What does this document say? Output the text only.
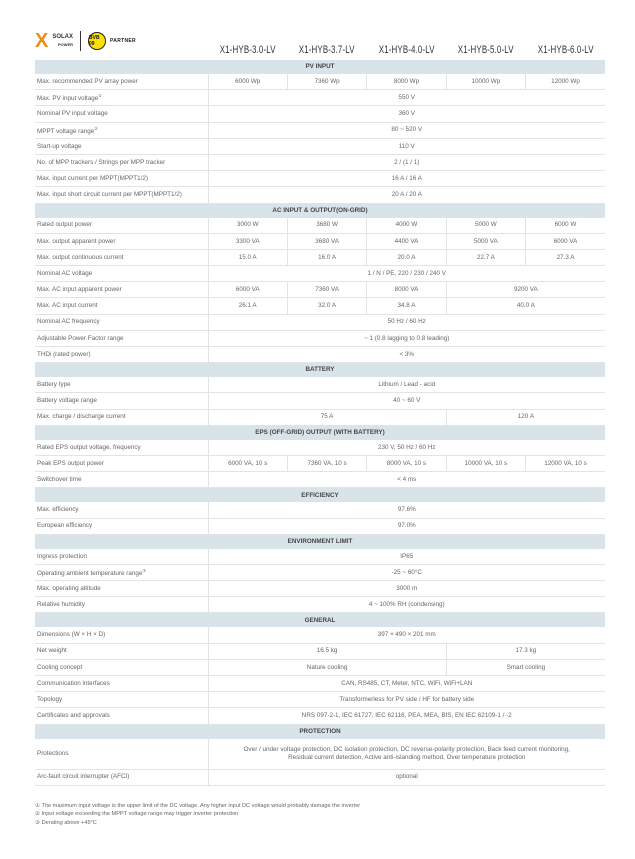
X SOLAX
POWER
BVB 09	PARTNER
X1-HYB-3.0-LV X1-HYB-3.7-LV X1-HYB-4.0-LV X1-HYB-5.0-LV X1-HYB-6.0-LV
PV INPUT					
Max. recommended PV array power	6000 Wp	7360 Wp	8000 Wp	10000 Wp	12000 Wp
Max. PV input voltage①	550 V				
Nominal PV input voltage	360 V				
MPPT voltage range②	80 ~ 520 V				
Start-up voltage	110 V				
No. of MPP trackers / Strings per MPP tracker	2 / (1 / 1)				
Max. input current per MPPT(MPPT1/2)	16 A / 16 A				
Max. input short circuit current per MPPT(MPPT1/2)	20 A / 20 A				
AC INPUT & OUTPUT(ON-GRID)					
Rated output power	3000 W	3680 W	4000 W	5000 W	6000 W
Max. output apparent power	3300 VA	3680 VA	4400 VA	5000 VA	6000 VA
Max. output continuous current	15.0 A	16.0 A	20.0 A	22.7 A	27.3 A
Nominal AC voltage	1 / N / PE, 220 / 230 / 240 V				
Max. AC input apparent power	6000 VA	7360 VA	8000 VA	9200 VA	
Max. AC input current	26.1 A	32.0 A	34.8 A	40.0 A	
Nominal AC frequency	50 Hz / 60 Hz				
Adjustable Power Factor range	~ 1 (0.8 lagging to 0.8 leading)				
THDi (rated power)	< 3%				
BATTERY					
Battery type	Lithium / Lead - acid				
Battery voltage range	40 ~ 60 V				
Max. charge / discharge current	75 A			120 A	
EPS (OFF-GRID) OUTPUT (WITH BATTERY)					
Rated EPS output voltage, frequency	230 V, 50 Hz / 60 Hz				
Peak EPS output power	6000 VA, 10 s	7360 VA, 10 s	8000 VA, 10 s	10000 VA, 10 s	12000 VA, 10 s
Switchover time	< 4 ms				
EFFICIENCY					
Max. efficiency	97.6%				
European efficiency	97.0%				
ENVIRONMENT LIMIT					
Ingress protection	IP65				
Operating ambient temperature range③	-25 ~ 60°C				
Max. operating altitude	3000 m				
Relative humidity	4 ~ 100% RH (condensing)				
GENERAL					
Dimensions (W × H × D)	397 × 490 × 201 mm				
Net weight	16.5 kg			17.3 kg	
Cooling concept	Nature cooling			Smart cooling	
Communication interfaces	CAN, RS485, CT, Meter, NTC, WiFi, WiFi+LAN				
Topology	Transformerless for PV side / HF for battery side				
Certificates and approvals	NRS 097-2-1, IEC 61727, IEC 62116, PEA, MEA, BIS, EN IEC 62109-1 / -2				
PROTECTION					
Protections	Over / under voltage protection, DC isolation protection, DC reverse-polarity protection, Back feed current monitoring, Residual current detection, Active anti-islanding method, Over temperature protection				
Arc-fault circuit interrupter (AFCI)	optional				
① The maximum input voltage is the upper limit of the DC voltage. Any higher input DC voltage would probably damage the inverter
② Input voltage exceeding the MPPT voltage range may trigger inverter protection
③ Derating above +45°C
